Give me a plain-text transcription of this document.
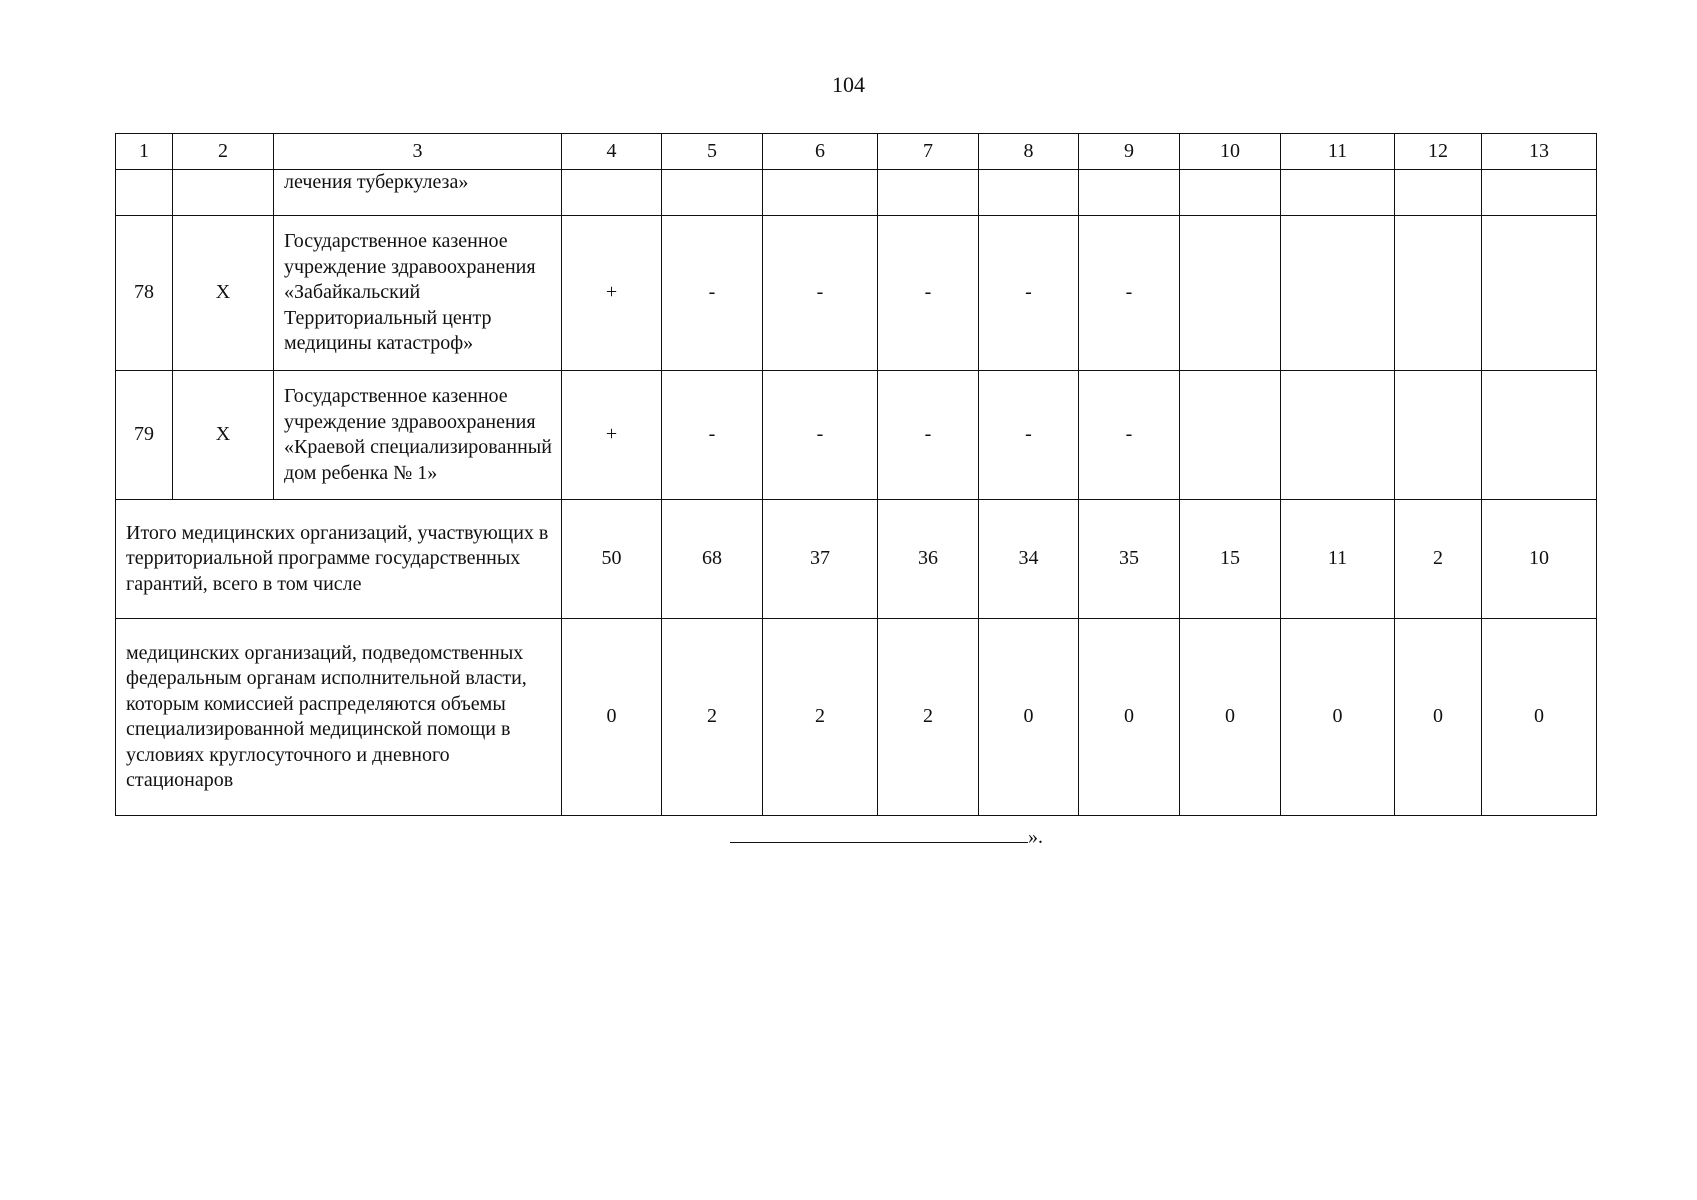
104
1	2	3	4	5	6	7	8	9	10	11	12	13
		лечения туберкулеза»										
78	Х	Государственное казенное учреждение здравоохранения «Забайкальский Территориальный центр медицины катастроф»	+	-	-	-	-	-				
79	Х	Государственное казенное учреждение здравоохранения «Краевой специализированный дом ребенка № 1»	+	-	-	-	-	-				
Итого медицинских организаций, участвующих в территориальной программе государственных гарантий, всего в том числе			50	68	37	36	34	35	15	11	2	10
медицинских организаций, подведомственных федеральным органам исполнительной власти, которым комиссией распределяются объемы специализированной медицинской помощи в условиях круглосуточного и дневного стационаров			0	2	2	2	0	0	0	0	0	0
».
